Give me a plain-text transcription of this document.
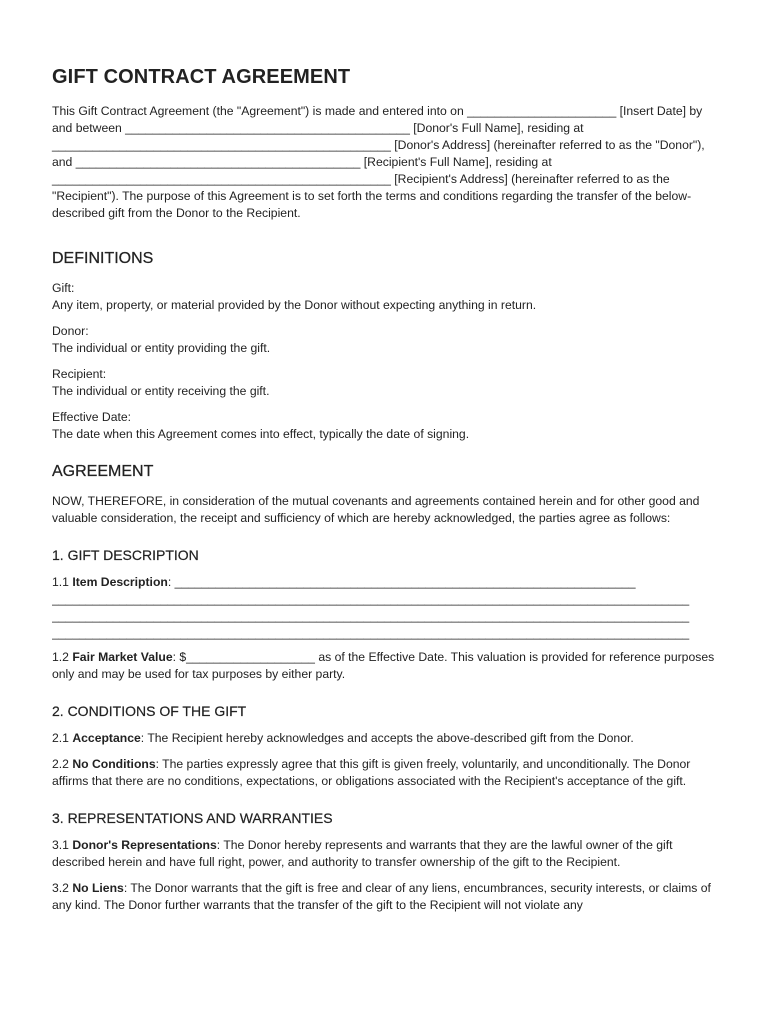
GIFT CONTRACT AGREEMENT

This Gift Contract Agreement (the "Agreement") is made and entered into on ______________________ [Insert Date] by and between __________________________________________ [Donor's Full Name], residing at __________________________________________________ [Donor's Address] (hereinafter referred to as the "Donor"), and __________________________________________ [Recipient's Full Name], residing at __________________________________________________ [Recipient's Address] (hereinafter referred to as the "Recipient"). The purpose of this Agreement is to set forth the terms and conditions regarding the transfer of the below-described gift from the Donor to the Recipient.

DEFINITIONS
Gift:
Any item, property, or material provided by the Donor without expecting anything in return.
Donor:
The individual or entity providing the gift.
Recipient:
The individual or entity receiving the gift.
Effective Date:
The date when this Agreement comes into effect, typically the date of signing.
AGREEMENT

NOW, THEREFORE, in consideration of the mutual covenants and agreements contained herein and for other good and valuable consideration, the receipt and sufficiency of which are hereby acknowledged, the parties agree as follows:

1. GIFT DESCRIPTION

1.1 Item Description: ____________________________________________________________________

______________________________________________________________________________________________
______________________________________________________________________________________________
______________________________________________________________________________________________

1.2 Fair Market Value: $___________________ as of the Effective Date. This valuation is provided for reference purposes only and may be used for tax purposes by either party.

2. CONDITIONS OF THE GIFT

2.1 Acceptance: The Recipient hereby acknowledges and accepts the above-described gift from the Donor.

2.2 No Conditions: The parties expressly agree that this gift is given freely, voluntarily, and unconditionally. The Donor affirms that there are no conditions, expectations, or obligations associated with the Recipient's acceptance of the gift.

3. REPRESENTATIONS AND WARRANTIES

3.1 Donor's Representations: The Donor hereby represents and warrants that they are the lawful owner of the gift described herein and have full right, power, and authority to transfer ownership of the gift to the Recipient.

3.2 No Liens: The Donor warrants that the gift is free and clear of any liens, encumbrances, security interests, or claims of any kind. The Donor further warrants that the transfer of the gift to the Recipient will not violate any
